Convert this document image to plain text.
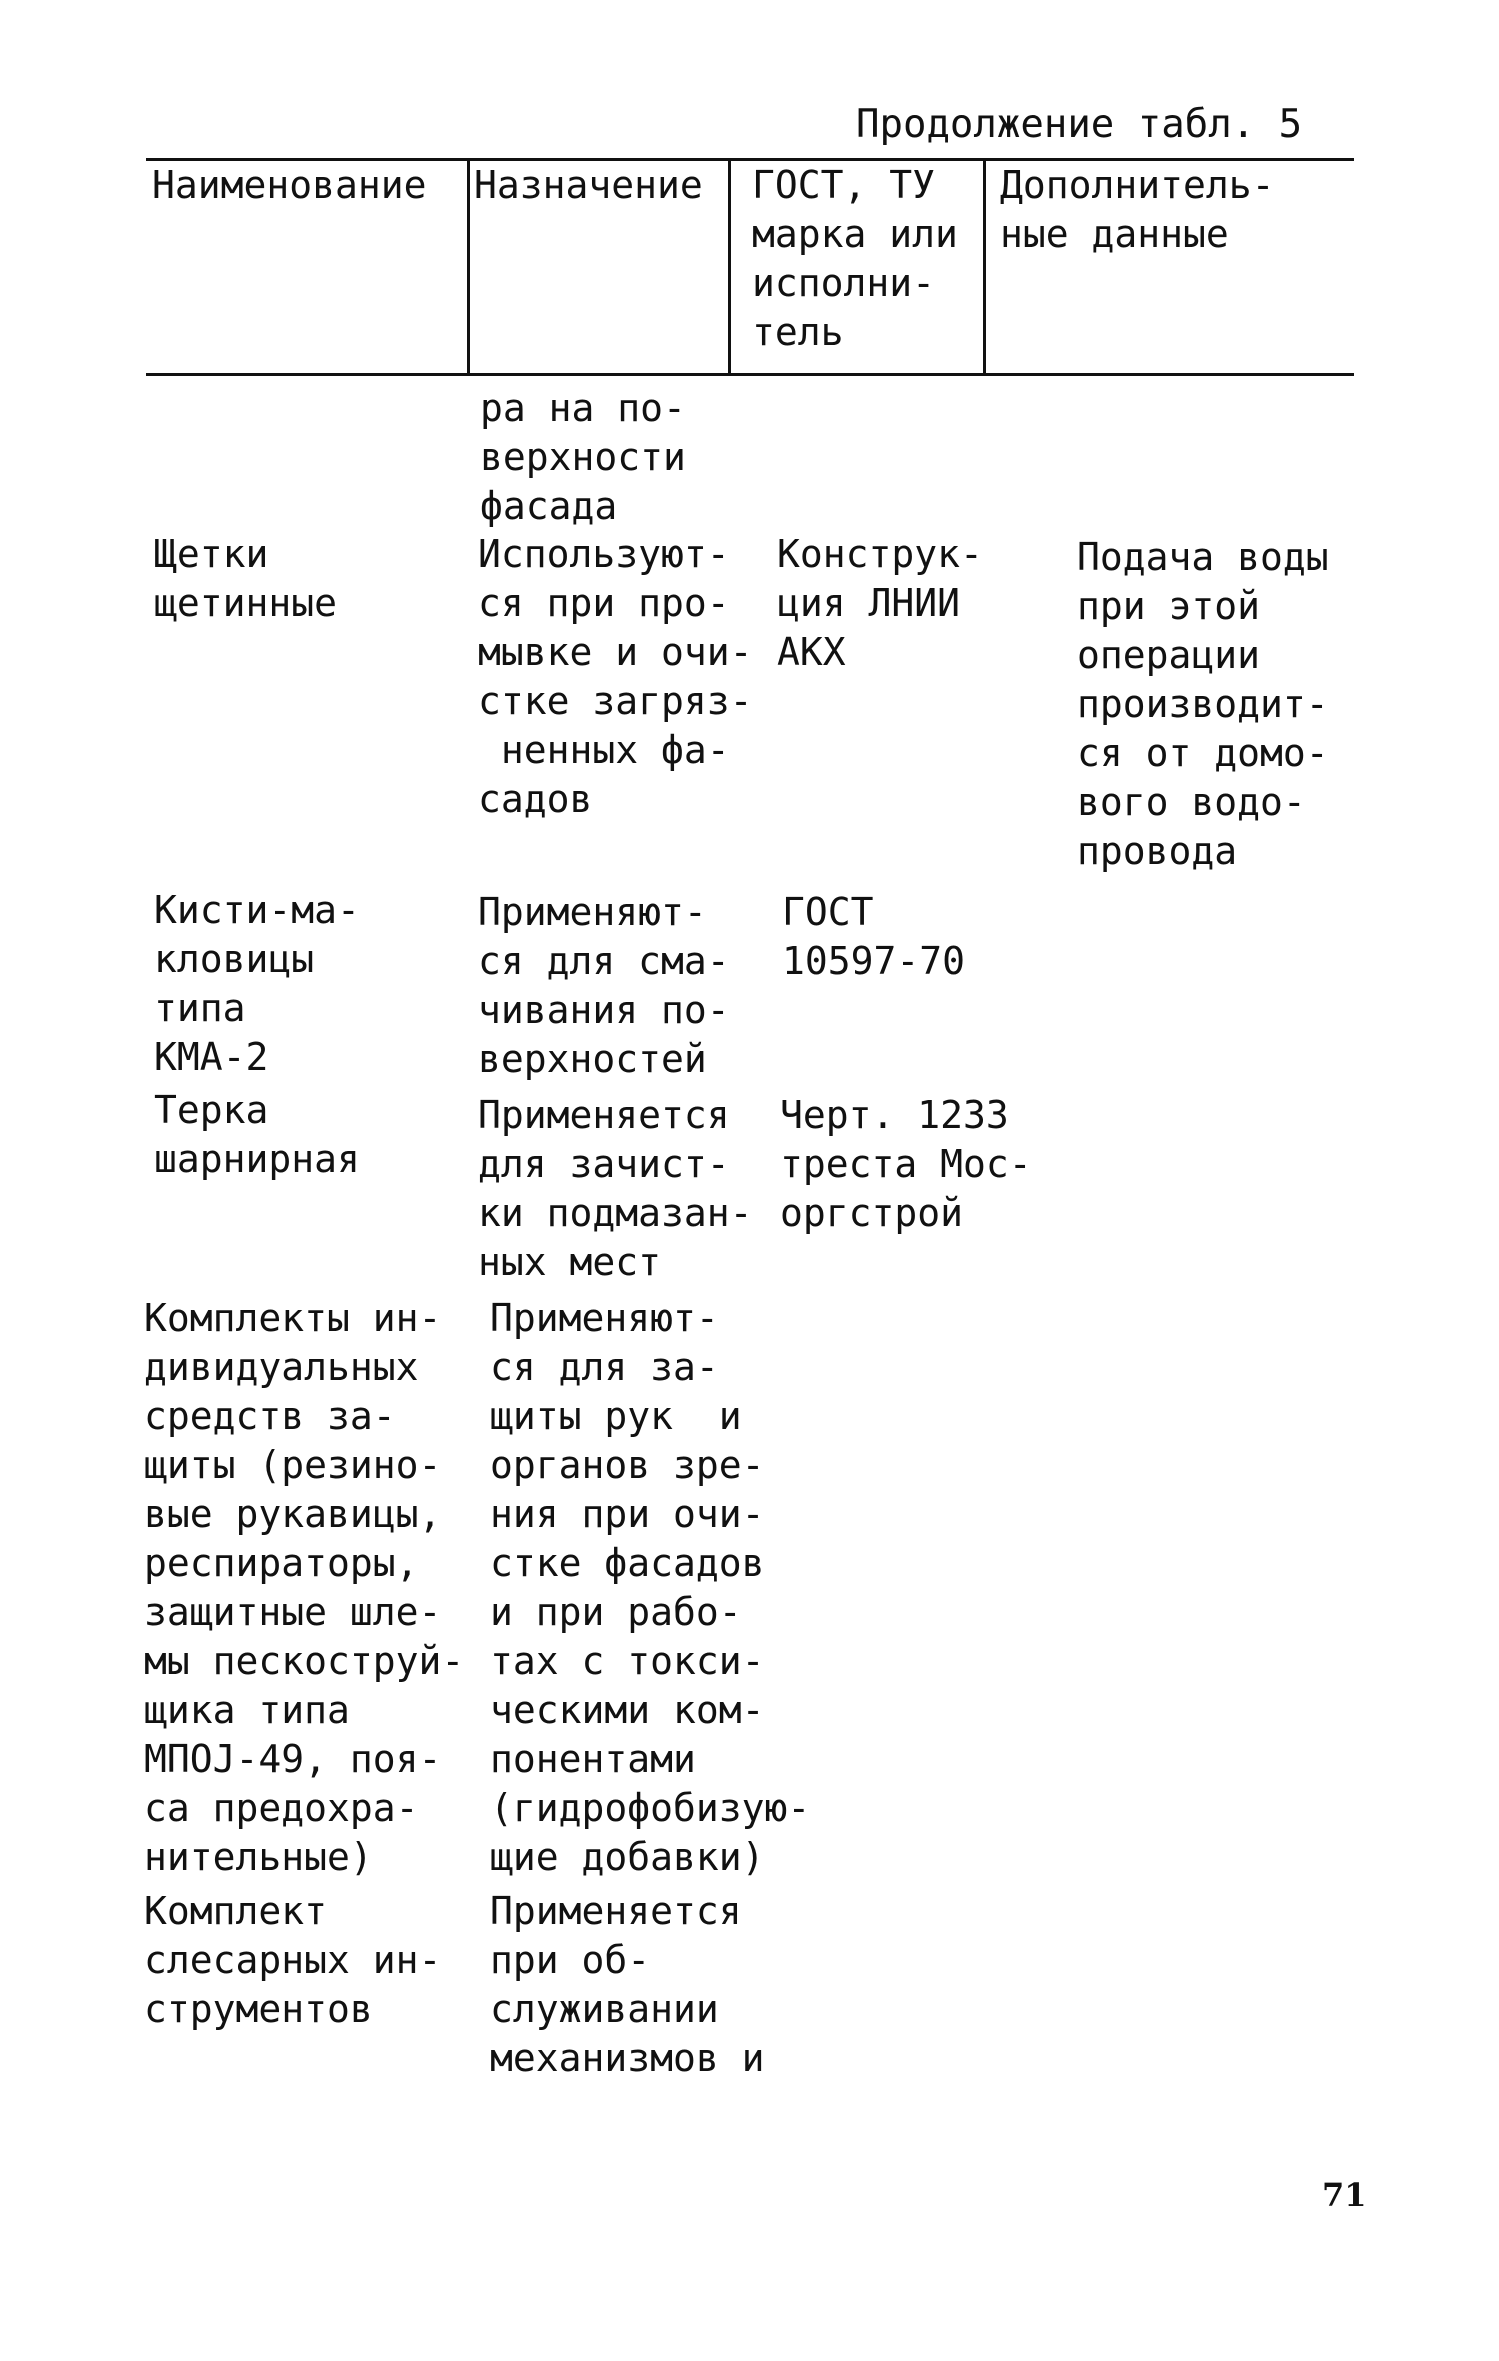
Продолжение табл. 5
Наименование Назначение ГОСТ, ТУ
марка или
исполни-
тель
Дополнитель-
ные данные
ра на по-
верхности
фасада
Щетки
щетинные
Используют-
ся при про-
мывке и очи-
стке загряз-
ненных фа-
садов
Конструк-
ция ЛНИИ
АКХ
Подача воды
при этой
операции
производит-
ся от домо-
вого водо-
провода
Кисти-ма-
кловицы
типа
КМА-2
Применяют-
ся для сма-
чивания по-
верхностей
ГОСТ
10597-70
Терка
шарнирная
Применяется
для зачист-
ки подмазан-
ных мест
Черт. 1233
треста Мос-
оргстрой
Комплекты ин-
дивидуальных
средств за-
щиты (резино-
вые рукавицы,
респираторы,
защитные шле-
мы пескоструй-
щика типа
МПОЈ-49, поя-
са предохра-
нительные)
Применяют-
ся для за-
щиты рук  и
органов зре-
ния при очи-
стке фасадов
и при рабо-
тах с токси-
ческими ком-
понентами
(гидрофобизую-
щие добавки)
Комплект
слесарных ин-
струментов
Применяется
при об-
служивании
механизмов и
71
